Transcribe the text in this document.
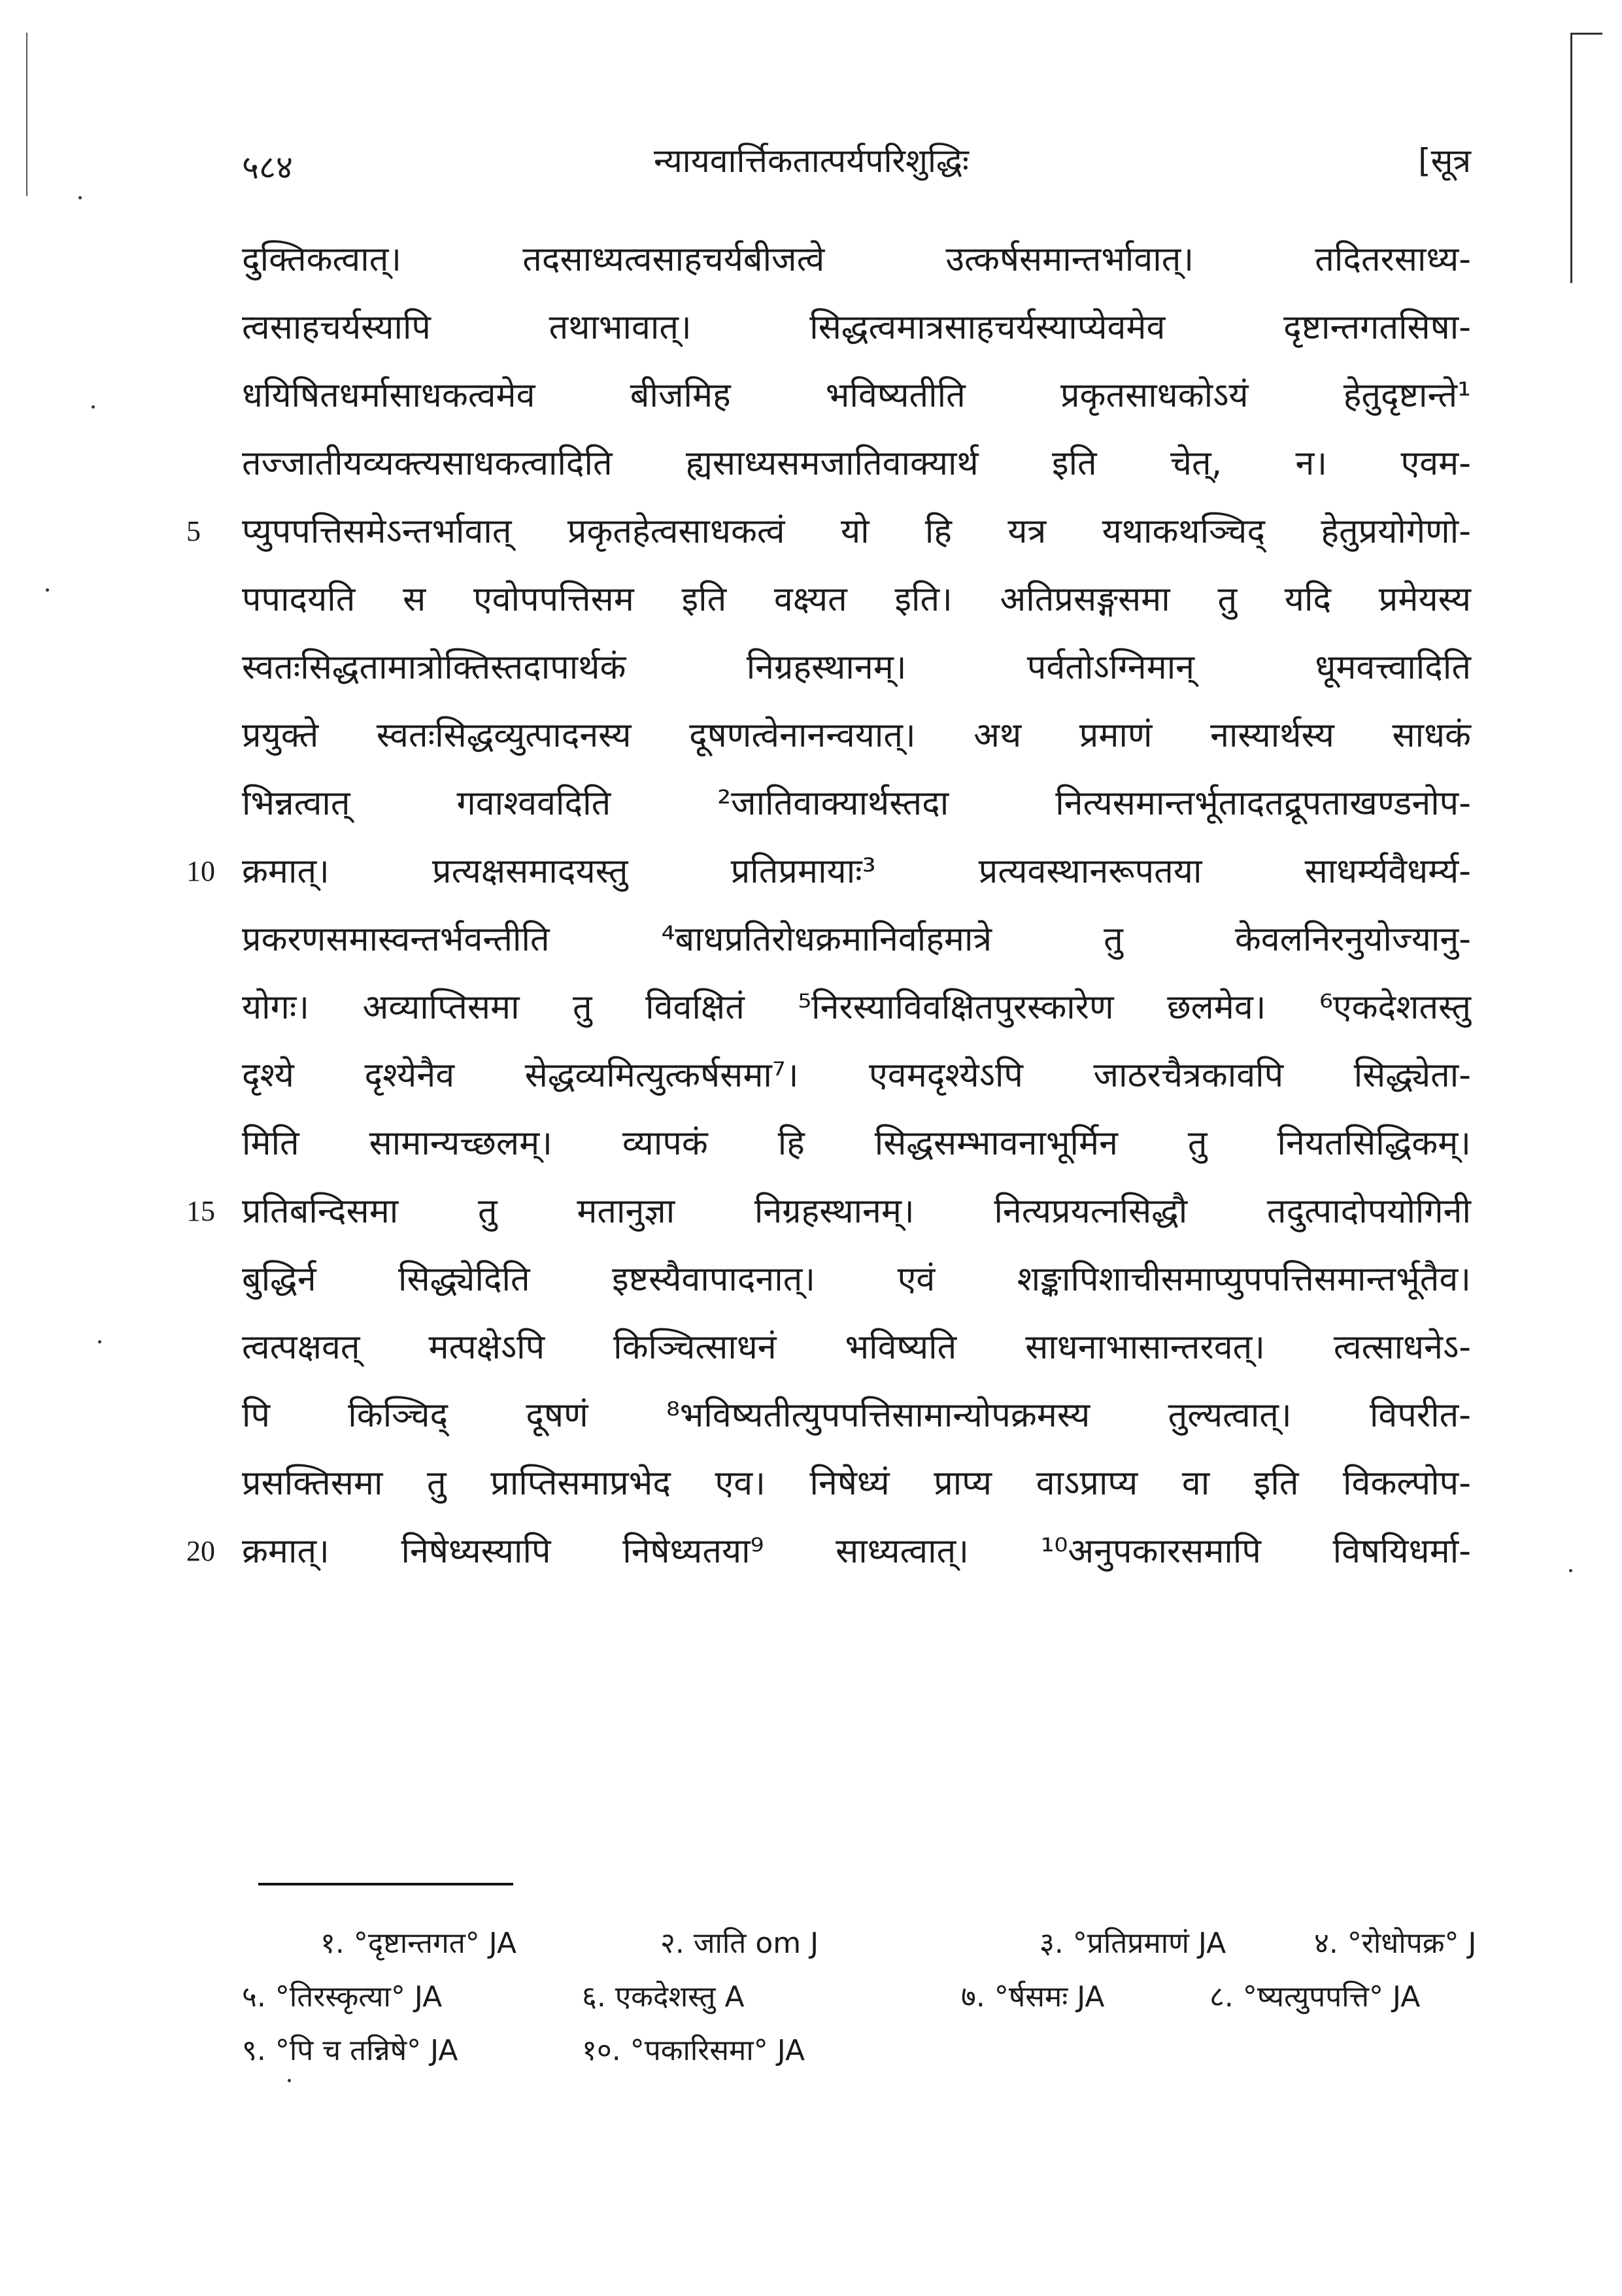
५८४	न्यायवार्त्तिकतात्पर्यपरिशुद्धिः	[सूत्र
दुक्तिकत्वात्। तदसाध्यत्वसाहचर्यबीजत्वे उत्कर्षसमान्तर्भावात्। तदितरसाध्य-
त्वसाहचर्यस्यापि तथाभावात्। सिद्धत्वमात्रसाहचर्यस्याप्येवमेव दृष्टान्तगतसिषा-
धयिषितधर्मासाधकत्वमेव बीजमिह भविष्यतीति प्रकृतसाधकोऽयं हेतुदृष्टान्ते¹
तज्जातीयव्यक्त्यसाधकत्वादिति ह्यसाध्यसमजातिवाक्यार्थ इति चेत्, न। एवम-
5	प्युपपत्तिसमेऽन्तर्भावात् प्रकृतहेत्वसाधकत्वं यो हि यत्र यथाकथञ्चिद् हेतुप्रयोगेणो-
पपादयति स एवोपपत्तिसम इति वक्ष्यत इति। अतिप्रसङ्गसमा तु यदि प्रमेयस्य
स्वतःसिद्धतामात्रोक्तिस्तदापार्थकं निग्रहस्थानम्। पर्वतोऽग्निमान् धूमवत्त्वादिति
प्रयुक्ते स्वतःसिद्धव्युत्पादनस्य दूषणत्वेनानन्वयात्। अथ प्रमाणं नास्यार्थस्य साधकं
भिन्नत्वात् गवाश्ववदिति ²जातिवाक्यार्थस्तदा नित्यसमान्तर्भूतादतद्रूपताखण्डनोप-
10 क्रमात्। प्रत्यक्षसमादयस्तु प्रतिप्रमायाः³ प्रत्यवस्थानरूपतया साधर्म्यवैधर्म्य-
प्रकरणसमास्वन्तर्भवन्तीति ⁴बाधप्रतिरोधक्रमानिर्वाहमात्रे तु केवलनिरनुयोज्यानु-
योगः। अव्याप्तिसमा तु विवक्षितं ⁵निरस्याविवक्षितपुरस्कारेण छलमेव। ⁶एकदेशतस्तु
दृश्ये दृश्येनैव सेद्धव्यमित्युत्कर्षसमा⁷। एवमदृश्येऽपि जाठरचैत्रकावपि सिद्ध्येता-
मिति सामान्यच्छलम्। व्यापकं हि सिद्धसम्भावनाभूर्मिन तु नियतसिद्धिकम्।
15 प्रतिबन्दिसमा तु मतानुज्ञा निग्रहस्थानम्। नित्यप्रयत्नसिद्धौ तदुत्पादोपयोगिनी
बुद्धिर्न सिद्ध्येदिति इष्टस्यैवापादनात्। एवं शङ्कापिशाचीसमाप्युपपत्तिसमान्तर्भूतैव।
त्वत्पक्षवत् मत्पक्षेऽपि किञ्चित्साधनं भविष्यति साधनाभासान्तरवत्। त्वत्साधनेऽ-
पि किञ्चिद् दूषणं ⁸भविष्यतीत्युपपत्तिसामान्योपक्रमस्य तुल्यत्वात्। विपरीत-
प्रसक्तिसमा तु प्राप्तिसमाप्रभेद एव। निषेध्यं प्राप्य वाऽप्राप्य वा इति विकल्पोप-
20 क्रमात्। निषेध्यस्यापि निषेध्यतया⁹ साध्यत्वात्। ¹⁰अनुपकारसमापि विषयिधर्मा-
१. °दृष्टान्तगत° JA	२. जाति om J	३. °प्रतिप्रमाणं JA	४. °रोधोपक्र° J
५. °तिरस्कृत्या° JA	६. एकदेशस्तु A	७. °र्षसमः JA	८. °ष्यत्युपपत्ति° JA
९. °पि च तन्निषे° JA	१०. °पकारिसमा° JA
